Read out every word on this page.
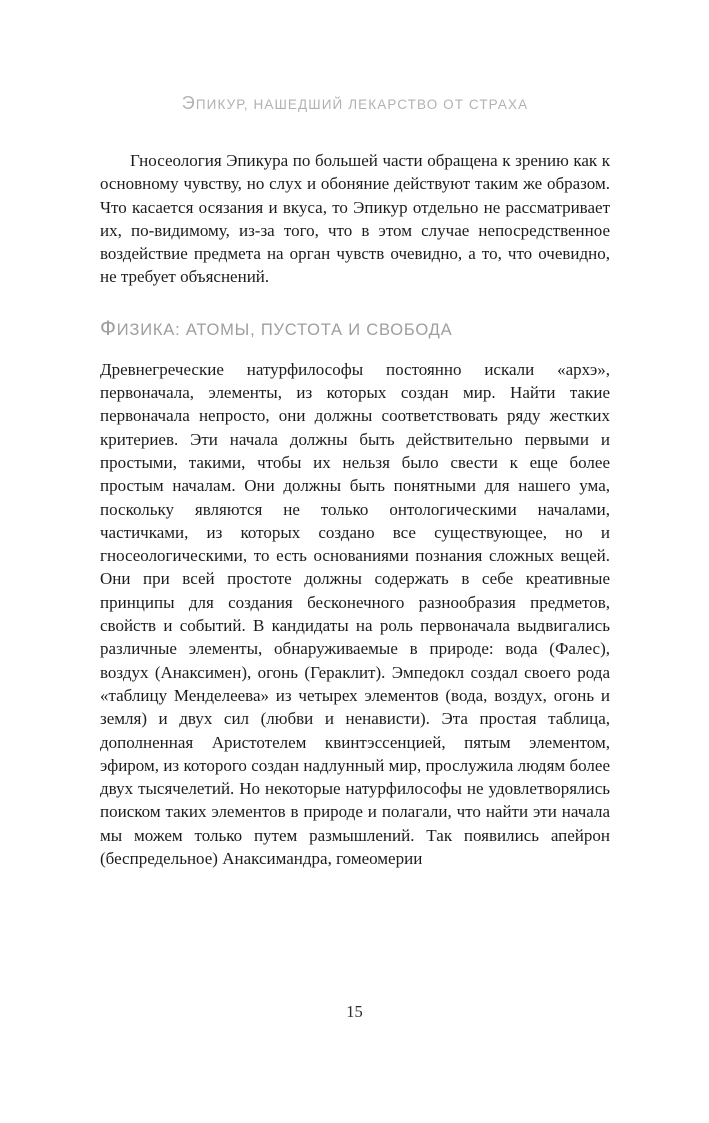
ЭПИКУР, НАШЕДШИЙ ЛЕКАРСТВО ОТ СТРАХА

Гносеология Эпикура по большей части обращена к зрению как к основному чувству, но слух и обоняние действуют таким же образом. Что касается осязания и вкуса, то Эпикур отдельно не рассматривает их, по-видимому, из-за того, что в этом случае непосредственное воздействие предмета на орган чувств очевидно, а то, что очевидно, не требует объяснений.

ФИЗИКА: АТОМЫ, ПУСТОТА И СВОБОДА

Древнегреческие натурфилософы постоянно искали «архэ», первоначала, элементы, из которых создан мир. Найти такие первоначала непросто, они должны соответствовать ряду жестких критериев. Эти начала должны быть действительно первыми и простыми, такими, чтобы их нельзя было свести к еще более простым началам. Они должны быть понятными для нашего ума, поскольку являются не только онтологическими началами, частичками, из которых создано все существующее, но и гносеологическими, то есть основаниями познания сложных вещей. Они при всей простоте должны содержать в себе креативные принципы для создания бесконечного разнообразия предметов, свойств и событий. В кандидаты на роль первоначала выдвигались различные элементы, обнаруживаемые в природе: вода (Фалес), воздух (Анаксимен), огонь (Гераклит). Эмпедокл создал своего рода «таблицу Менделеева» из четырех элементов (вода, воздух, огонь и земля) и двух сил (любви и ненависти). Эта простая таблица, дополненная Аристотелем квинтэссенцией, пятым элементом, эфиром, из которого создан надлунный мир, прослужила людям более двух тысячелетий. Но некоторые натурфилософы не удовлетворялись поиском таких элементов в природе и полагали, что найти эти начала мы можем только путем размышлений. Так появились апейрон (беспредельное) Анаксимандра, гомеомерии

15
